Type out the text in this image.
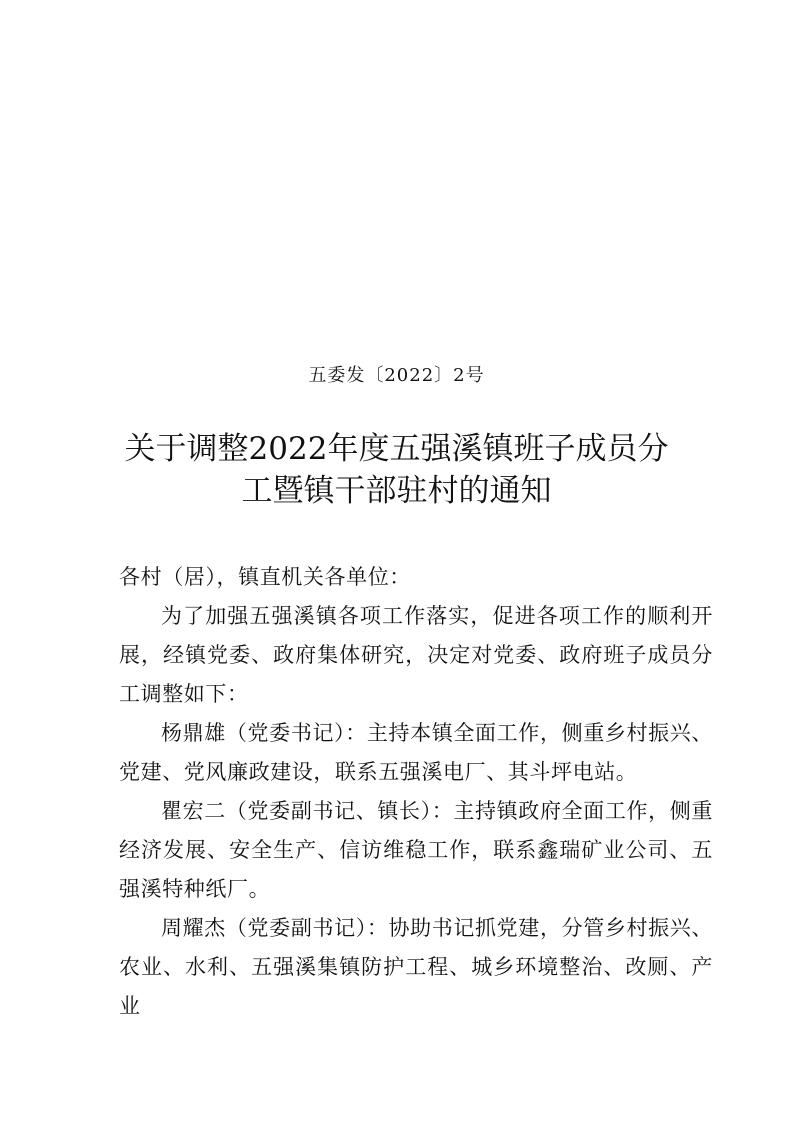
五委发〔2022〕2号
关于调整2022年度五强溪镇班子成员分
工暨镇干部驻村的通知

各村（居），镇直机关各单位：

为了加强五强溪镇各项工作落实，促进各项工作的顺利开展，经镇党委、政府集体研究，决定对党委、政府班子成员分工调整如下：

杨鼎雄（党委书记）：主持本镇全面工作，侧重乡村振兴、党建、党风廉政建设，联系五强溪电厂、其斗坪电站。

瞿宏二（党委副书记、镇长）：主持镇政府全面工作，侧重经济发展、安全生产、信访维稳工作，联系鑫瑞矿业公司、五强溪特种纸厂。

周耀杰（党委副书记）：协助书记抓党建，分管乡村振兴、农业、水利、五强溪集镇防护工程、城乡环境整治、改厕、产业
